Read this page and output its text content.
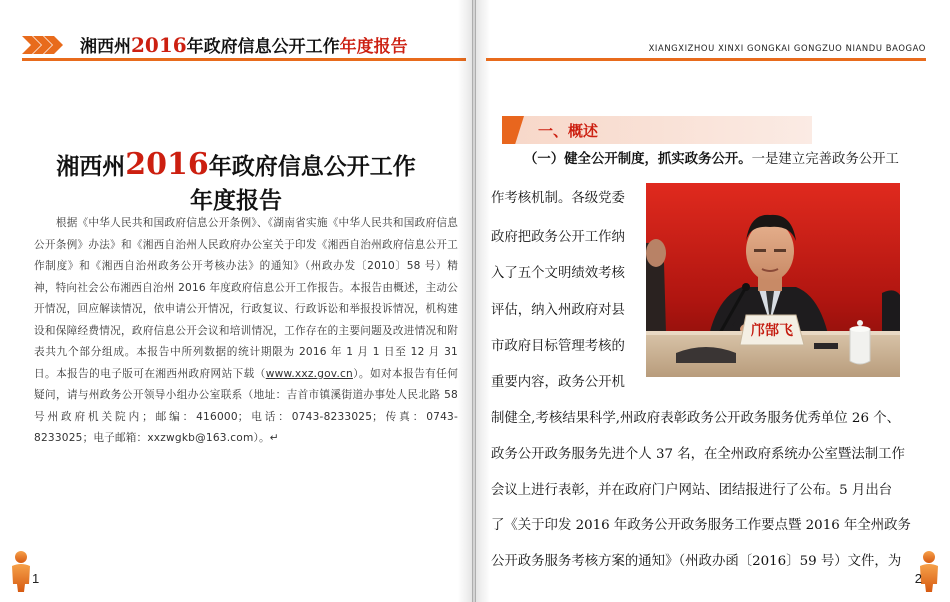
湘西州2016年政府信息公开工作年度报告
湘西州2016年政府信息公开工作
年度报告

根据《中华人民共和国政府信息公开条例》、《湖南省实施《中华人民共和国政府信息公开条例》办法》和《湘西自治州人民政府办公室关于印发《湘西自治州政府信息公开工作制度》和《湘西自治州政务公开考核办法》的通知》（州政办发〔2010〕58 号）精神，特向社会公布湘西自治州 2016 年度政府信息公开工作报告。本报告由概述，主动公开情况，回应解读情况，依申请公开情况，行政复议、行政诉讼和举报投诉情况，机构建设和保障经费情况，政府信息公开会议和培训情况，工作存在的主要问题及改进情况和附表共九个部分组成。本报告中所列数据的统计期限为 2016 年 1 月 1 日至 12 月 31 日。本报告的电子版可在湘西州政府网站下载（www.xxz.gov.cn）。如对本报告有任何疑问，请与州政务公开领导小组办公室联系（地址：吉首市镇溪街道办事处人民北路 58 号州政府机关院内；邮编：416000；电话：0743-8233025；传真：0743-8233025；电子邮箱：xxzwgkb@163.com）。↵

1
XIANGXIZHOU XINXI GONGKAI GONGZUO NIANDU BAOGAO
一、概述

（一）健全公开制度，抓实政务公开。一是建立完善政务公开工

作考核机制。各级党委

政府把政务公开工作纳

入了五个文明绩效考核

评估，纳入州政府对县

市政府目标管理考核的

重要内容，政务公开机

制健全,考核结果科学,州政府表彰政务公开政务服务优秀单位 26 个、

政务公开政务服务先进个人 37 名，在全州政府系统办公室暨法制工作

会议上进行表彰，并在政府门户网站、团结报进行了公布。5 月出台

了《关于印发 2016 年政务公开政务服务工作要点暨 2016 年全州政务

公开政务服务考核方案的通知》（州政办函〔2016〕59 号）文件，为

邝郜飞
2
